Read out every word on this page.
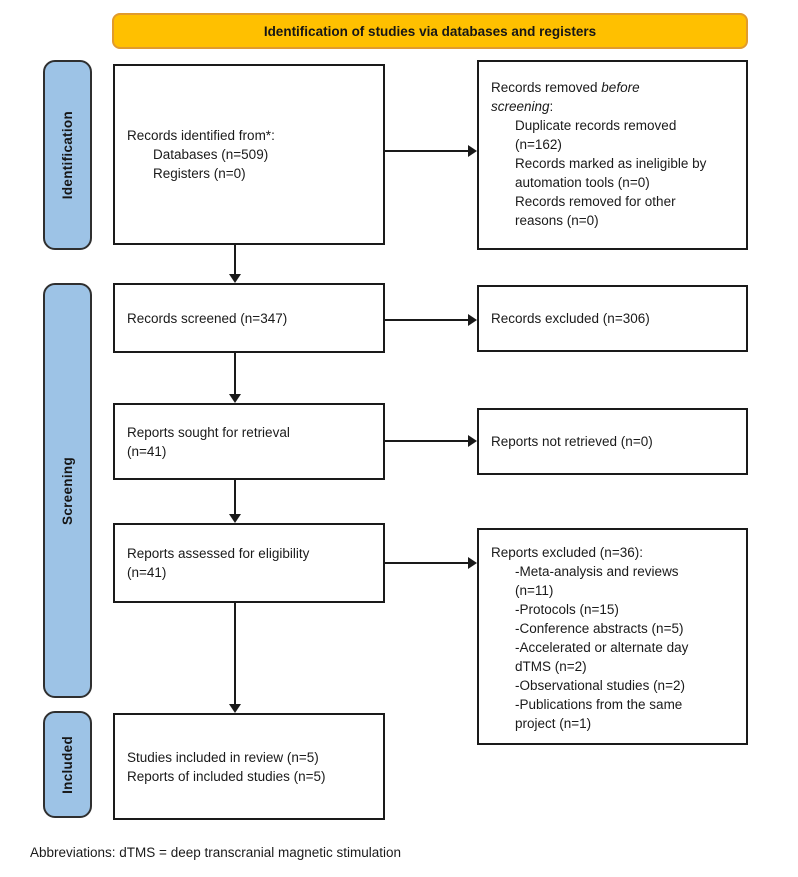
Identification of studies via databases and registers
Identification
Screening
Included
Records identified from*:
Databases (n=509)
Registers (n=0)
Records screened (n=347)
Reports sought for retrieval
(n=41)
Reports assessed for eligibility
(n=41)
Studies included in review (n=5)
Reports of included studies (n=5)
Records removed before
screening:
Duplicate records removed (n=162)
Records marked as ineligible by automation tools (n=0)
Records removed for other reasons (n=0)
Records excluded (n=306)
Reports not retrieved (n=0)
Reports excluded (n=36):
-Meta-analysis and reviews (n=11)
-Protocols (n=15)
-Conference abstracts (n=5)
-Accelerated or alternate day dTMS (n=2)
-Observational studies (n=2)
-Publications from the same project (n=1)
Abbreviations: dTMS = deep transcranial magnetic stimulation
